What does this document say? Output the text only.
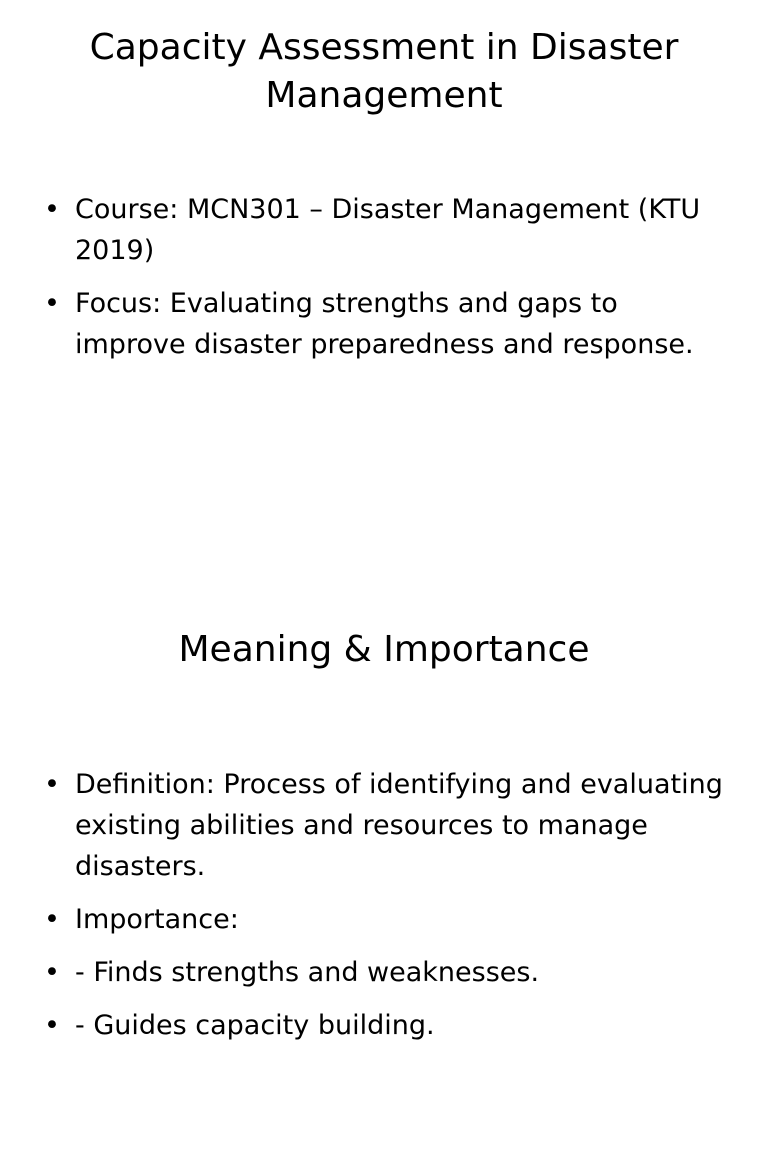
Capacity Assessment in Disaster Management
• Course: MCN301 – Disaster Management (KTU 2019)
• Focus: Evaluating strengths and gaps to improve disaster preparedness and response.
Meaning & Importance
• Definition: Process of identifying and evaluating existing abilities and resources to manage disasters.
• Importance:
• - Finds strengths and weaknesses.
• - Guides capacity building.
